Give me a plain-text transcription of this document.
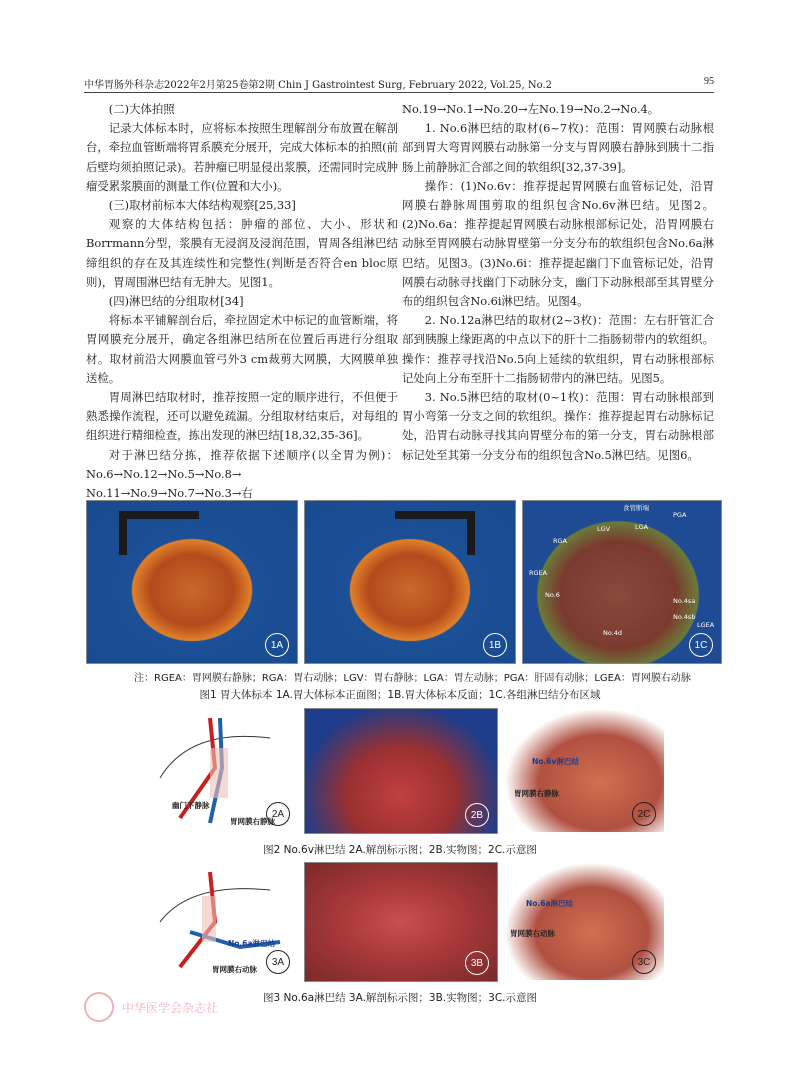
中华胃肠外科杂志2022年2月第25卷第2期 Chin J Gastrointest Surg, February 2022, Vol.25, No.2	95

(二)大体拍照

记录大体标本时，应将标本按照生理解剖分布放置在解剖台，牵拉血管断端将胃系膜充分展开，完成大体标本的拍照(前后壁均须拍照记录)。若肿瘤已明显侵出浆膜，还需同时完成肿瘤受累浆膜面的测量工作(位置和大小)。

(三)取材前标本大体结构观察[25,33]

观察的大体结构包括：肿瘤的部位、大小、形状和Borrmann分型，浆膜有无浸润及浸润范围，胃周各组淋巴结缔组织的存在及其连续性和完整性(判断是否符合en bloc原则)，胃周围淋巴结有无肿大。见图1。

(四)淋巴结的分组取材[34]

将标本平铺解剖台后，牵拉固定术中标记的血管断端，将胃网膜充分展开，确定各组淋巴结所在位置后再进行分组取材。取材前沿大网膜血管弓外3 cm裁剪大网膜，大网膜单独送检。

胃周淋巴结取材时，推荐按照一定的顺序进行，不但便于熟悉操作流程，还可以避免疏漏。分组取材结束后，对每组的组织进行精细检查，拣出发现的淋巴结[18,32,35-36]。

对于淋巴结分拣，推荐依据下述顺序(以全胃为例)：No.6→No.12→No.5→No.8→ No.11→No.9→No.7→No.3→右

No.19→No.1→No.20→左No.19→No.2→No.4。

1. No.6淋巴结的取材(6~7枚)：范围：胃网膜右动脉根部到胃大弯胃网膜右动脉第一分支与胃网膜右静脉到胰十二指肠上前静脉汇合部之间的软组织[32,37-39]。

操作：(1)No.6v：推荐提起胃网膜右血管标记处，沿胃网膜右静脉周围剪取的组织包含No.6v淋巴结。见图2。(2)No.6a：推荐提起胃网膜右动脉根部标记处，沿胃网膜右动脉至胃网膜右动脉胃壁第一分支分布的软组织包含No.6a淋巴结。见图3。(3)No.6i：推荐提起幽门下血管标记处，沿胃网膜右动脉寻找幽门下动脉分支，幽门下动脉根部至其胃壁分布的组织包含No.6i淋巴结。见图4。

2. No.12a淋巴结的取材(2~3枚)：范围：左右肝管汇合部到胰腺上缘距离的中点以下的肝十二指肠韧带内的软组织。操作：推荐寻找沿No.5向上延续的软组织，胃右动脉根部标记处向上分布至肝十二指肠韧带内的淋巴结。见图5。

3. No.5淋巴结的取材(0~1枚)：范围：胃右动脉根部到胃小弯第一分支之间的软组织。操作：推荐提起胃右动脉标记处，沿胃右动脉寻找其向胃壁分布的第一分支，胃右动脉根部标记处至其第一分支分布的组织包含No.5淋巴结。见图6。

1A	1B
食管断端
RGA
LGV	LGA
PGA
RGEA
LGEA
No.6
No.4sb
No.4d
No.4sa
1C
注：RGEA：胃网膜右静脉；RGA：胃右动脉；LGV：胃右静脉；LGA：胃左动脉；PGA：肝固有动脉；LGEA：胃网膜右动脉
图1 胃大体标本 1A.胃大体标本正面图；1B.胃大体标本反面；1C.各组淋巴结分布区域
幽门下静脉
胃网膜右静脉
2A	2B
No.6v淋巴结
胃网膜右静脉
2C
图2 No.6v淋巴结 2A.解剖标示图；2B.实物图；2C.示意图
No.6a淋巴结
胃网膜右动脉
3A	3B
No.6a淋巴结
胃网膜右动脉
3C
图3 No.6a淋巴结 3A.解剖标示图；3B.实物图；3C.示意图
中华医学会杂志社
